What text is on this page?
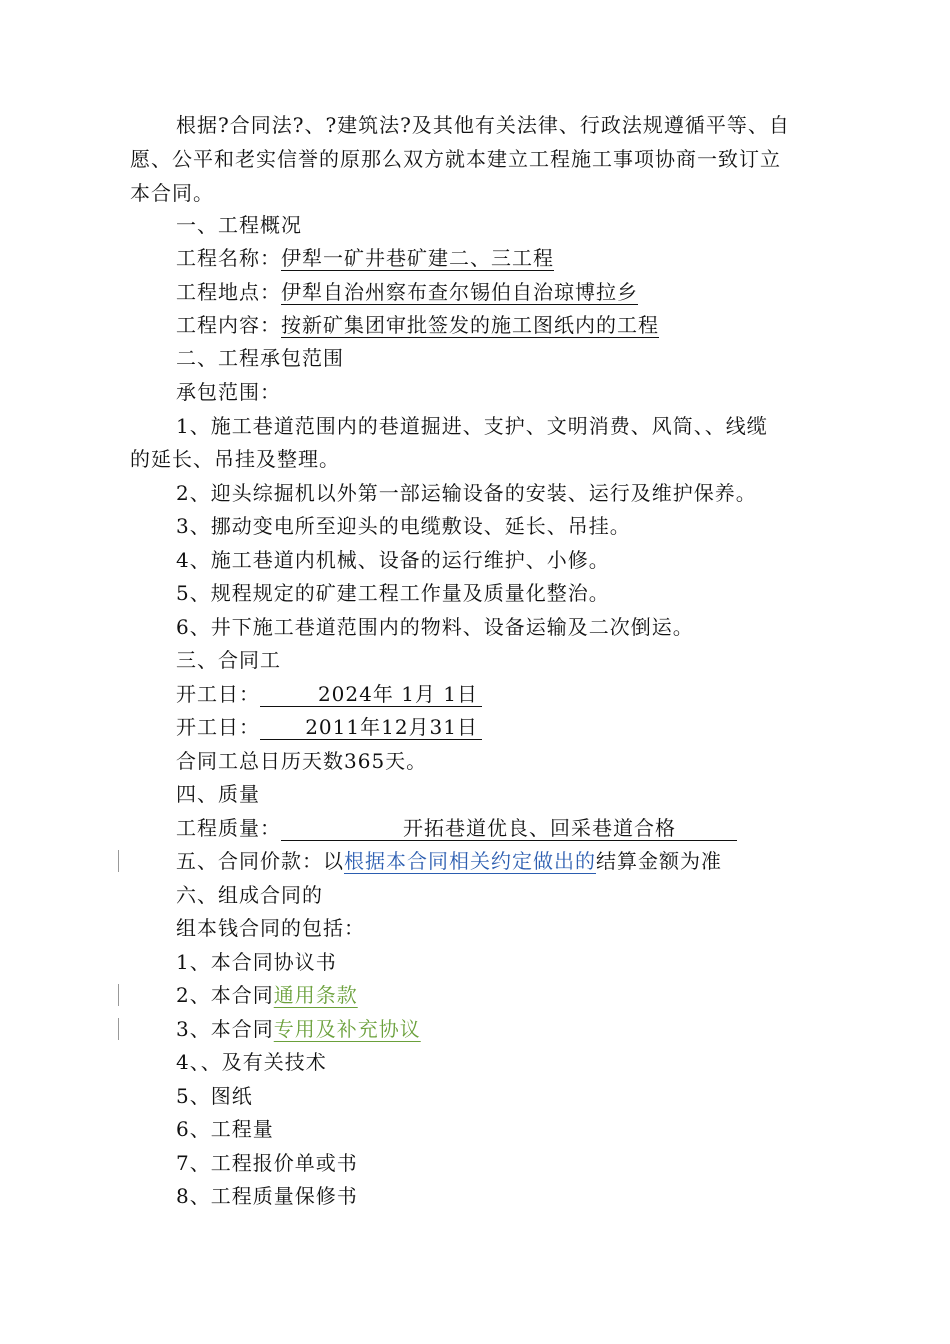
根据?合同法?、?建筑法?及其他有关法律、行政法规遵循平等、自
愿、公平和老实信誉的原那么双方就本建立工程施工事项协商一致订立
本合同。
一、工程概况
工程名称：伊犁一矿井巷矿建二、三工程
工程地点：伊犁自治州察布查尔锡伯自治琼博拉乡
工程内容：按新矿集团审批签发的施工图纸内的工程
二、工程承包范围
承包范围：
1、施工巷道范围内的巷道掘进、支护、文明消费、风筒、、线缆
的延长、吊挂及整理。
2、迎头综掘机以外第一部运输设备的安装、运行及维护保养。
3、挪动变电所至迎头的电缆敷设、延长、吊挂。
4、施工巷道内机械、设备的运行维护、小修。
5、规程规定的矿建工程工作量及质量化整治。
6、井下施工巷道范围内的物料、设备运输及二次倒运。
三、合同工
开工日：	2024年 1月 1日
开工日： 2011年12月31日
合同工总日历天数365天。
四、质量
工程质量：	开拓巷道优良、回采巷道合格
五、合同价款：以根据本合同相关约定做出的结算金额为准
六、组成合同的
组本钱合同的包括：
1、本合同协议书
2、本合同通用条款
3、本合同专用及补充协议
4、、及有关技术
5、图纸
6、工程量
7、工程报价单或书
8、工程质量保修书
